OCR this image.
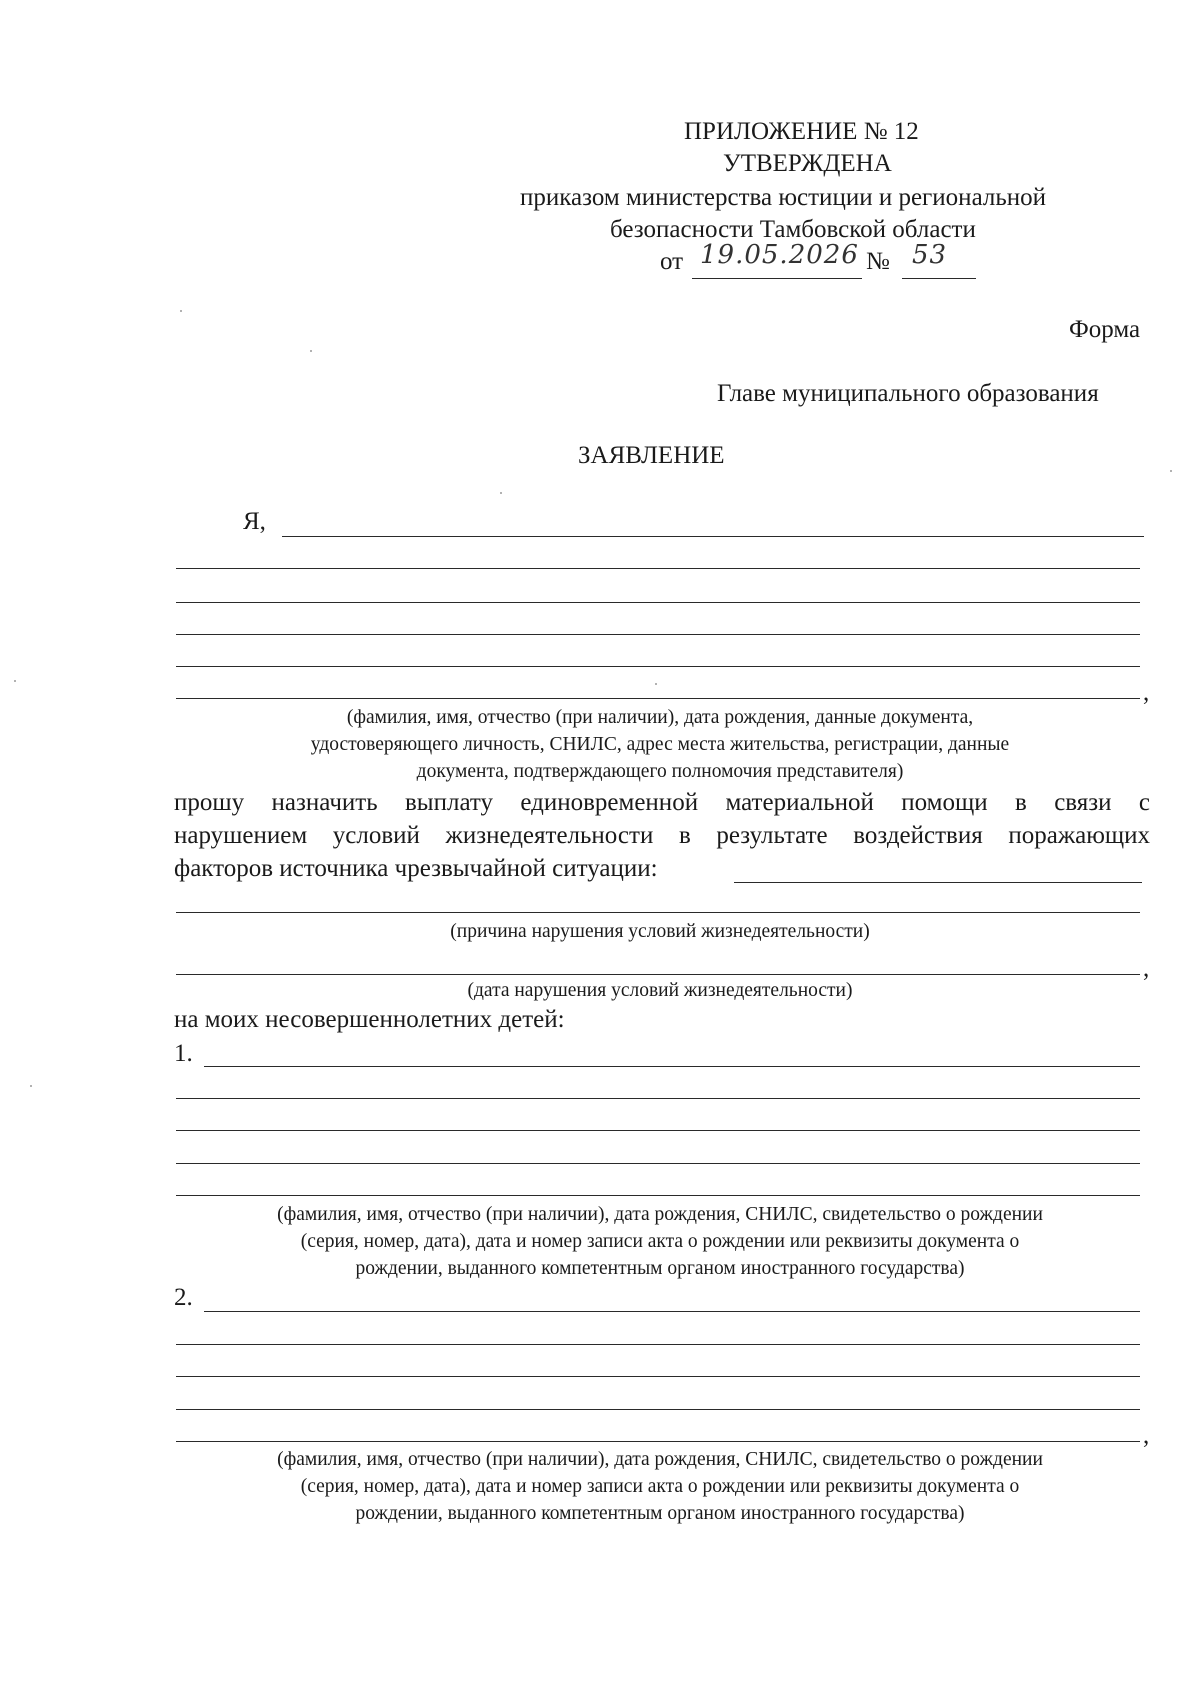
ПРИЛОЖЕНИЕ № 12
УТВЕРЖДЕНА
приказом министерства юстиции и региональной
безопасности Тамбовской области
от 19.05.2026 № 53
Форма
Главе муниципального образования
ЗАЯВЛЕНИЕ
Я,
,
(фамилия, имя, отчество (при наличии), дата рождения, данные документа,
удостоверяющего личность, СНИЛС, адрес места жительства, регистрации, данные
документа, подтверждающего полномочия представителя)
прошу назначить выплату единовременной материальной помощи в связи с
нарушением условий жизнедеятельности в результате воздействия поражающих
факторов источника чрезвычайной ситуации:
(причина нарушения условий жизнедеятельности)
,
(дата нарушения условий жизнедеятельности)
на моих несовершеннолетних детей:
1.
(фамилия, имя, отчество (при наличии), дата рождения, СНИЛС, свидетельство о рождении
(серия, номер, дата), дата и номер записи акта о рождении или реквизиты документа о
рождении, выданного компетентным органом иностранного государства)
2.
,
(фамилия, имя, отчество (при наличии), дата рождения, СНИЛС, свидетельство о рождении
(серия, номер, дата), дата и номер записи акта о рождении или реквизиты документа о
рождении, выданного компетентным органом иностранного государства)
